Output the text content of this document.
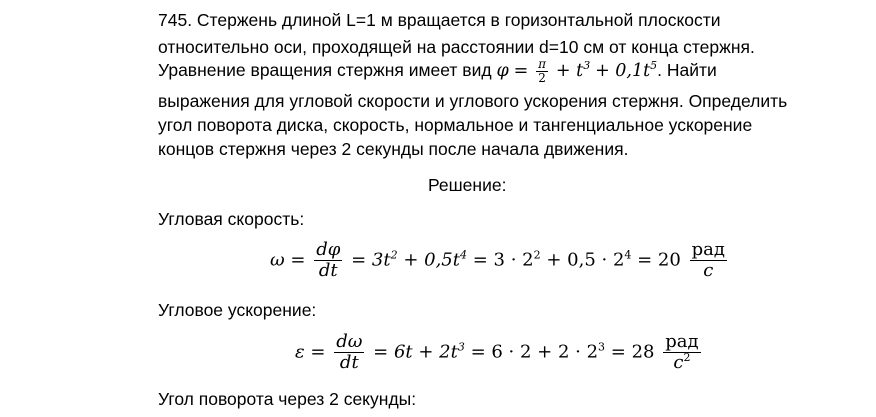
745. Стержень длиной L=1 м вращается в горизонтальной плоскости
относительно оси, проходящей на расстоянии d=10 см от конца стержня.
Уравнение вращения стержня имеет вид $\varphi = \frac{\pi}{2} + t^3 + 0,1t^5$. Найти
выражения для угловой скорости и углового ускорения стержня. Определить
угол поворота диска, скорость, нормальное и тангенциальное ускорение
концов стержня через 2 секунды после начала движения.
Решение:
Угловая скорость:
$\omega = \frac{d\varphi}{dt} = 3t^2 + 0,5t^4 = 3 \cdot 2^2 + 0,5 \cdot 2^4 = 20 \frac{\text{рад}}{с}$
Угловое ускорение:
$\varepsilon = \frac{d\omega}{dt} = 6t + 2t^3 = 6 \cdot 2 + 2 \cdot 2^3 = 28 \frac{\text{рад}}{с^2}$
Угол поворота через 2 секунды:
